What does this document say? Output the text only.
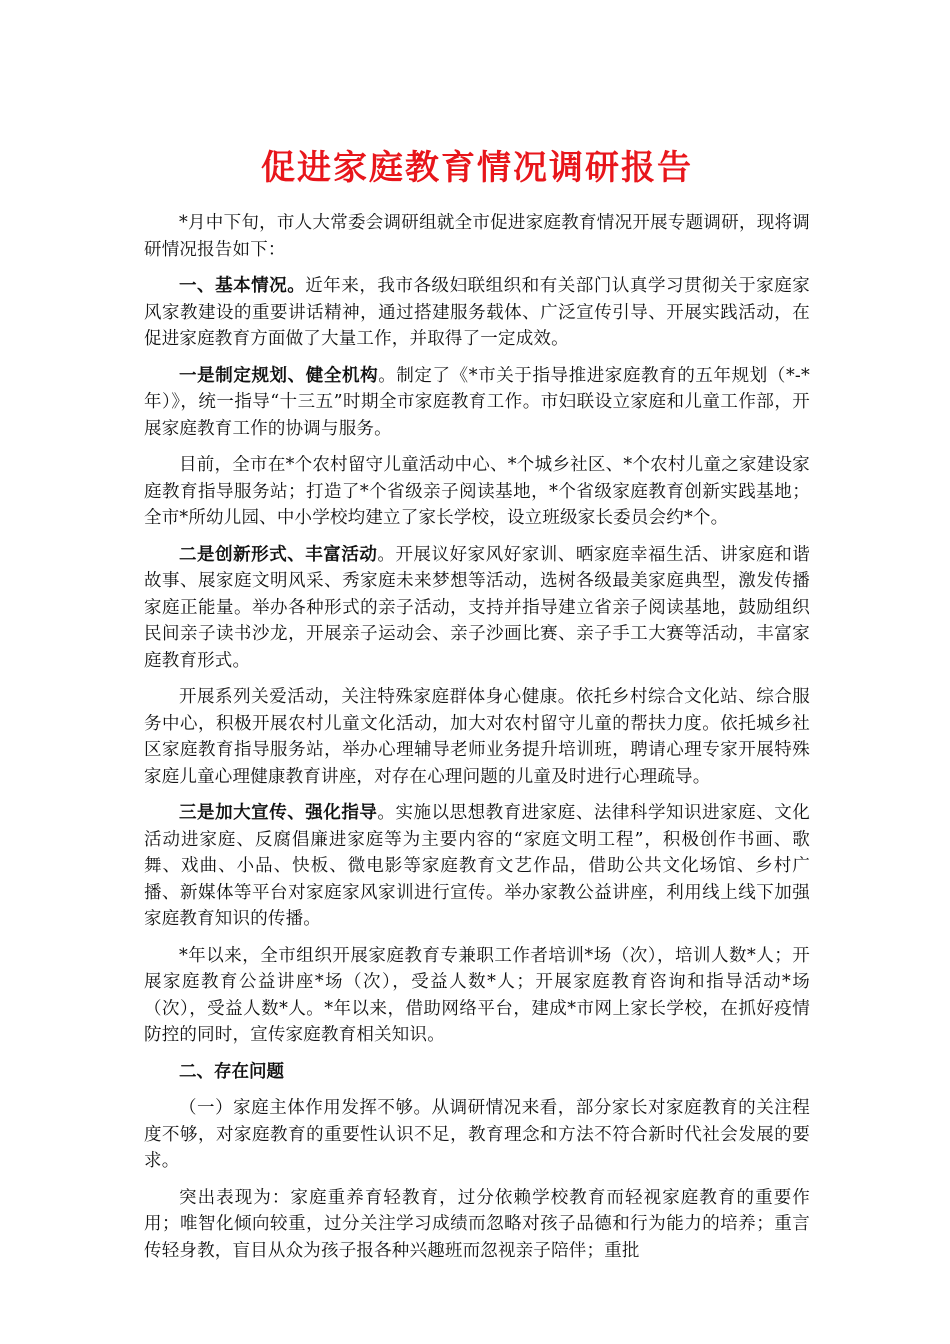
促进家庭教育情况调研报告

*月中下旬，市人大常委会调研组就全市促进家庭教育情况开展专题调研，现将调研情况报告如下：

一、基本情况。近年来，我市各级妇联组织和有关部门认真学习贯彻关于家庭家风家教建设的重要讲话精神，通过搭建服务载体、广泛宣传引导、开展实践活动，在促进家庭教育方面做了大量工作，并取得了一定成效。

一是制定规划、健全机构。制定了《*市关于指导推进家庭教育的五年规划（*-*年）》，统一指导“十三五”时期全市家庭教育工作。市妇联设立家庭和儿童工作部，开展家庭教育工作的协调与服务。

目前，全市在*个农村留守儿童活动中心、*个城乡社区、*个农村儿童之家建设家庭教育指导服务站；打造了*个省级亲子阅读基地，*个省级家庭教育创新实践基地；全市*所幼儿园、中小学校均建立了家长学校，设立班级家长委员会约*个。

二是创新形式、丰富活动。开展议好家风好家训、晒家庭幸福生活、讲家庭和谐故事、展家庭文明风采、秀家庭未来梦想等活动，选树各级最美家庭典型，激发传播家庭正能量。举办各种形式的亲子活动，支持并指导建立省亲子阅读基地，鼓励组织民间亲子读书沙龙，开展亲子运动会、亲子沙画比赛、亲子手工大赛等活动，丰富家庭教育形式。

开展系列关爱活动，关注特殊家庭群体身心健康。依托乡村综合文化站、综合服务中心，积极开展农村儿童文化活动，加大对农村留守儿童的帮扶力度。依托城乡社区家庭教育指导服务站，举办心理辅导老师业务提升培训班，聘请心理专家开展特殊家庭儿童心理健康教育讲座，对存在心理问题的儿童及时进行心理疏导。

三是加大宣传、强化指导。实施以思想教育进家庭、法律科学知识进家庭、文化活动进家庭、反腐倡廉进家庭等为主要内容的“家庭文明工程”，积极创作书画、歌舞、戏曲、小品、快板、微电影等家庭教育文艺作品，借助公共文化场馆、乡村广播、新媒体等平台对家庭家风家训进行宣传。举办家教公益讲座，利用线上线下加强家庭教育知识的传播。

*年以来，全市组织开展家庭教育专兼职工作者培训*场（次），培训人数*人；开展家庭教育公益讲座*场（次），受益人数*人；开展家庭教育咨询和指导活动*场（次），受益人数*人。*年以来，借助网络平台，建成*市网上家长学校，在抓好疫情防控的同时，宣传家庭教育相关知识。

二、存在问题

（一）家庭主体作用发挥不够。从调研情况来看，部分家长对家庭教育的关注程度不够，对家庭教育的重要性认识不足，教育理念和方法不符合新时代社会发展的要求。

突出表现为：家庭重养育轻教育，过分依赖学校教育而轻视家庭教育的重要作用；唯智化倾向较重，过分关注学习成绩而忽略对孩子品德和行为能力的培养；重言传轻身教，盲目从众为孩子报各种兴趣班而忽视亲子陪伴；重批
